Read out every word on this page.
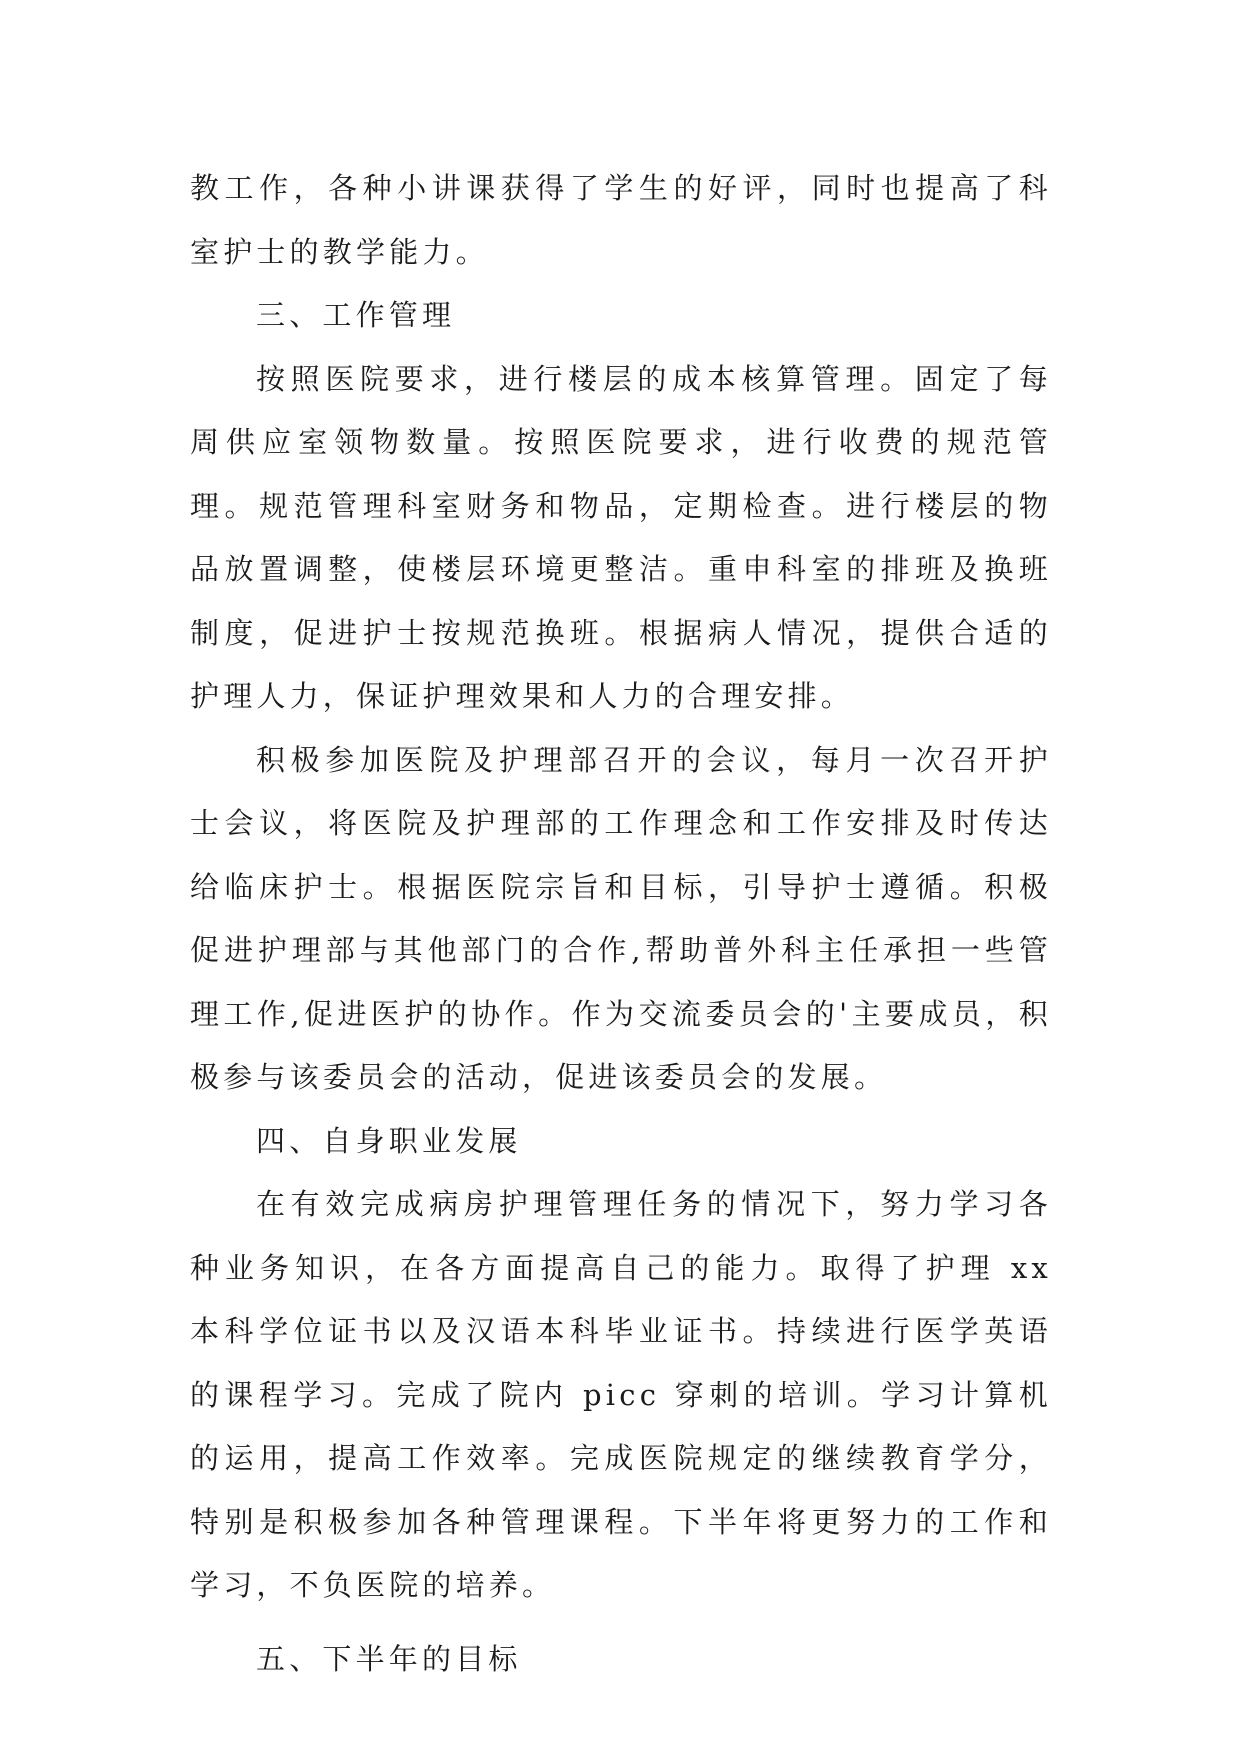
教工作，各种小讲课获得了学生的好评，同时也提高了科室护士的教学能力。

三、工作管理

按照医院要求，进行楼层的成本核算管理。固定了每周供应室领物数量。按照医院要求，进行收费的规范管理。规范管理科室财务和物品，定期检查。进行楼层的物品放置调整，使楼层环境更整洁。重申科室的排班及换班制度，促进护士按规范换班。根据病人情况，提供合适的护理人力，保证护理效果和人力的合理安排。

积极参加医院及护理部召开的会议，每月一次召开护士会议，将医院及护理部的工作理念和工作安排及时传达给临床护士。根据医院宗旨和目标，引导护士遵循。积极促进护理部与其他部门的合作,帮助普外科主任承担一些管理工作,促进医护的协作。作为交流委员会的'主要成员，积极参与该委员会的活动，促进该委员会的发展。

四、自身职业发展

在有效完成病房护理管理任务的情况下，努力学习各种业务知识，在各方面提高自己的能力。取得了护理 xx 本科学位证书以及汉语本科毕业证书。持续进行医学英语的课程学习。完成了院内 picc 穿刺的培训。学习计算机的运用，提高工作效率。完成医院规定的继续教育学分，特别是积极参加各种管理课程。下半年将更努力的工作和学习，不负医院的培养。

五、下半年的目标
